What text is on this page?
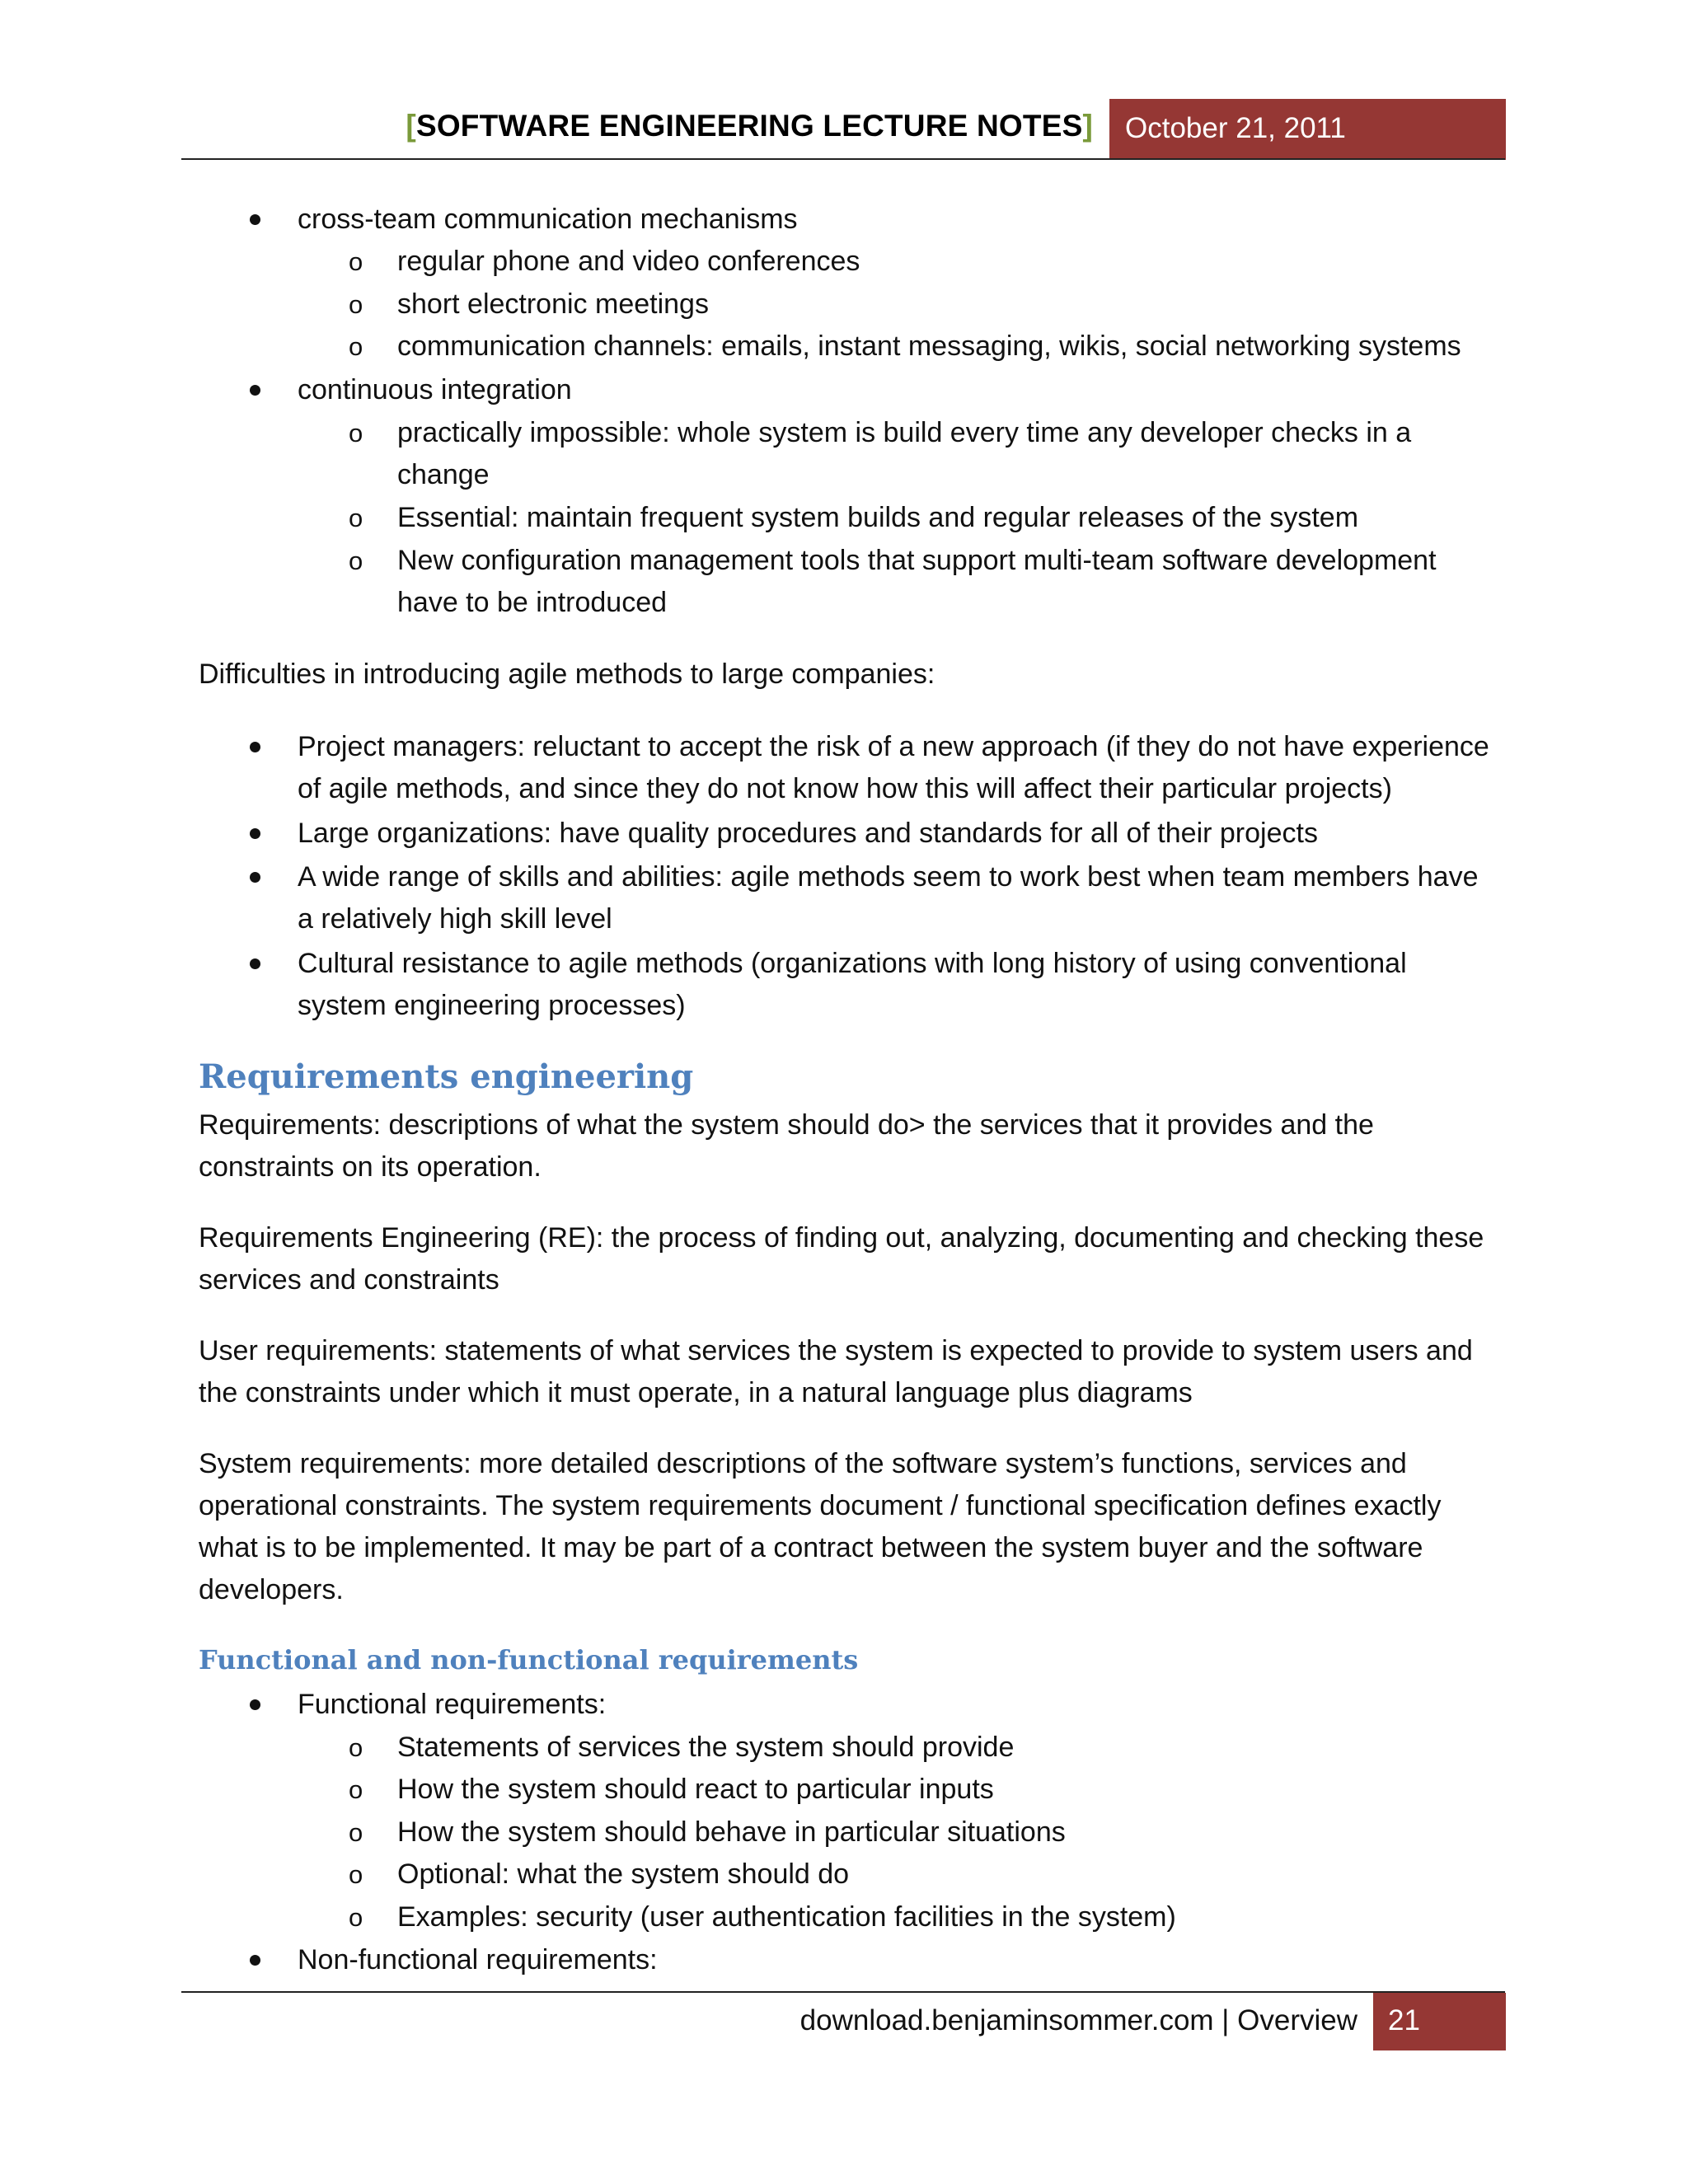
[SOFTWARE ENGINEERING LECTURE NOTES]	October 21, 2011
cross-team communication mechanisms
o regular phone and video conferences
o short electronic meetings
o communication channels: emails, instant messaging, wikis, social networking systems
continuous integration
o practically impossible: whole system is build every time any developer checks in a
change
o Essential: maintain frequent system builds and regular releases of the system
o New configuration management tools that support multi-team software development
have to be introduced
Difficulties in introducing agile methods to large companies:
Project managers: reluctant to accept the risk of a new approach (if they do not have experience
of agile methods, and since they do not know how this will affect their particular projects)
Large organizations: have quality procedures and standards for all of their projects
A wide range of skills and abilities: agile methods seem to work best when team members have
a relatively high skill level
Cultural resistance to agile methods (organizations with long history of using conventional
system engineering processes)
Requirements engineering
Requirements: descriptions of what the system should do> the services that it provides and the
constraints on its operation.
Requirements Engineering (RE): the process of finding out, analyzing, documenting and checking these
services and constraints
User requirements: statements of what services the system is expected to provide to system users and
the constraints under which it must operate, in a natural language plus diagrams
System requirements: more detailed descriptions of the software system’s functions, services and
operational constraints. The system requirements document / functional specification defines exactly
what is to be implemented. It may be part of a contract between the system buyer and the software
developers.
Functional and non-functional requirements
Functional requirements:
o Statements of services the system should provide
o How the system should react to particular inputs
o How the system should behave in particular situations
o Optional: what the system should do
o Examples: security (user authentication facilities in the system)
Non-functional requirements:
download.benjaminsommer.com | Overview	21
